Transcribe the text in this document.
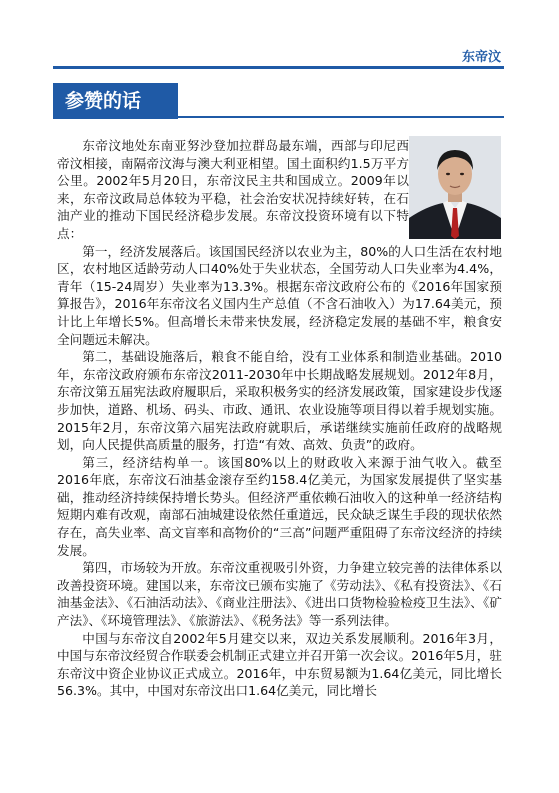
东帝汶
参赞的话

东帝汶地处东南亚努沙登加拉群岛最东端，西部与印尼西帝汶相接，南隔帝汶海与澳大利亚相望。国土面积约1.5万平方公里。2002年5月20日，东帝汶民主共和国成立。2009年以来，东帝汶政局总体较为平稳，社会治安状况持续好转，在石油产业的推动下国民经济稳步发展。东帝汶投资环境有以下特点：

第一，经济发展落后。该国国民经济以农业为主，80%的人口生活在农村地区，农村地区适龄劳动人口40%处于失业状态，全国劳动人口失业率为4.4%，青年（15-24周岁）失业率为13.3%。根据东帝汶政府公布的《2016年国家预算报告》，2016年东帝汶名义国内生产总值（不含石油收入）为17.64美元，预计比上年增长5%。但高增长未带来快发展，经济稳定发展的基础不牢，粮食安全问题远未解决。

第二，基础设施落后，粮食不能自给，没有工业体系和制造业基础。2010年，东帝汶政府颁布东帝汶2011-2030年中长期战略发展规划。2012年8月，东帝汶第五届宪法政府履职后，采取积极务实的经济发展政策，国家建设步伐逐步加快，道路、机场、码头、市政、通讯、农业设施等项目得以着手规划实施。2015年2月，东帝汶第六届宪法政府就职后，承诺继续实施前任政府的战略规划，向人民提供高质量的服务，打造“有效、高效、负责”的政府。

第三，经济结构单一。该国80%以上的财政收入来源于油气收入。截至2016年底，东帝汶石油基金滚存至约158.4亿美元，为国家发展提供了坚实基础，推动经济持续保持增长势头。但经济严重依赖石油收入的这种单一经济结构短期内难有改观，南部石油城建设依然任重道远，民众缺乏谋生手段的现状依然存在，高失业率、高文盲率和高物价的“三高”问题严重阻碍了东帝汶经济的持续发展。

第四，市场较为开放。东帝汶重视吸引外资，力争建立较完善的法律体系以改善投资环境。建国以来，东帝汶已颁布实施了《劳动法》、《私有投资法》、《石油基金法》、《石油活动法》、《商业注册法》、《进出口货物检验检疫卫生法》、《矿产法》、《环境管理法》、《旅游法》、《税务法》等一系列法律。

中国与东帝汶自2002年5月建交以来，双边关系发展顺利。2016年3月，中国与东帝汶经贸合作联委会机制正式建立并召开第一次会议。2016年5月，驻东帝汶中资企业协议正式成立。2016年，中东贸易额为1.64亿美元，同比增长56.3%。其中，中国对东帝汶出口1.64亿美元，同比增长
